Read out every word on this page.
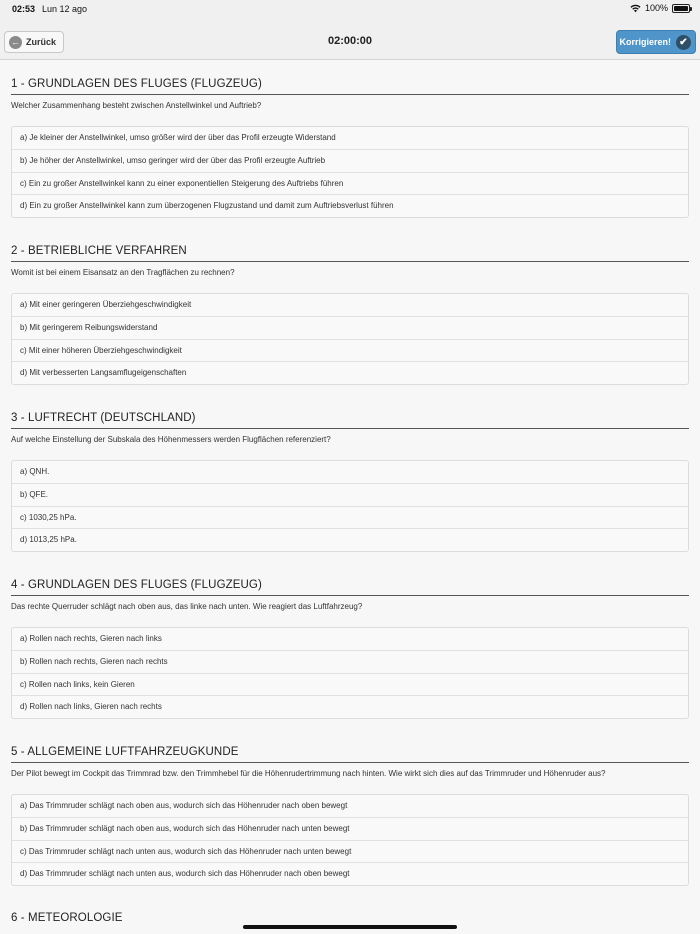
02:53 Lun 12 ago	100%
← Zurück	02:00:00	Korrigieren! ✔
1 - GRUNDLAGEN DES FLUGES (FLUGZEUG)
Welcher Zusammenhang besteht zwischen Anstellwinkel und Auftrieb?
a) Je kleiner der Anstellwinkel, umso größer wird der über das Profil erzeugte Widerstand
b) Je höher der Anstellwinkel, umso geringer wird der über das Profil erzeugte Auftrieb
c) Ein zu großer Anstellwinkel kann zu einer exponentiellen Steigerung des Auftriebs führen
d) Ein zu großer Anstellwinkel kann zum überzogenen Flugzustand und damit zum Auftriebsverlust führen
2 - BETRIEBLICHE VERFAHREN
Womit ist bei einem Eisansatz an den Tragflächen zu rechnen?
a) Mit einer geringeren Überziehgeschwindigkeit
b) Mit geringerem Reibungswiderstand
c) Mit einer höheren Überziehgeschwindigkeit
d) Mit verbesserten Langsamflugeigenschaften
3 - LUFTRECHT (DEUTSCHLAND)
Auf welche Einstellung der Subskala des Höhenmessers werden Flugflächen referenziert?
a) QNH.
b) QFE.
c) 1030,25 hPa.
d) 1013,25 hPa.
4 - GRUNDLAGEN DES FLUGES (FLUGZEUG)
Das rechte Querruder schlägt nach oben aus, das linke nach unten. Wie reagiert das Luftfahrzeug?
a) Rollen nach rechts, Gieren nach links
b) Rollen nach rechts, Gieren nach rechts
c) Rollen nach links, kein Gieren
d) Rollen nach links, Gieren nach rechts
5 - ALLGEMEINE LUFTFAHRZEUGKUNDE
Der Pilot bewegt im Cockpit das Trimmrad bzw. den Trimmhebel für die Höhenrudertrimmung nach hinten. Wie wirkt sich dies auf das Trimmruder und Höhenruder aus?
a) Das Trimmruder schlägt nach oben aus, wodurch sich das Höhenruder nach oben bewegt
b) Das Trimmruder schlägt nach oben aus, wodurch sich das Höhenruder nach unten bewegt
c) Das Trimmruder schlägt nach unten aus, wodurch sich das Höhenruder nach unten bewegt
d) Das Trimmruder schlägt nach unten aus, wodurch sich das Höhenruder nach oben bewegt
6 - METEOROLOGIE
